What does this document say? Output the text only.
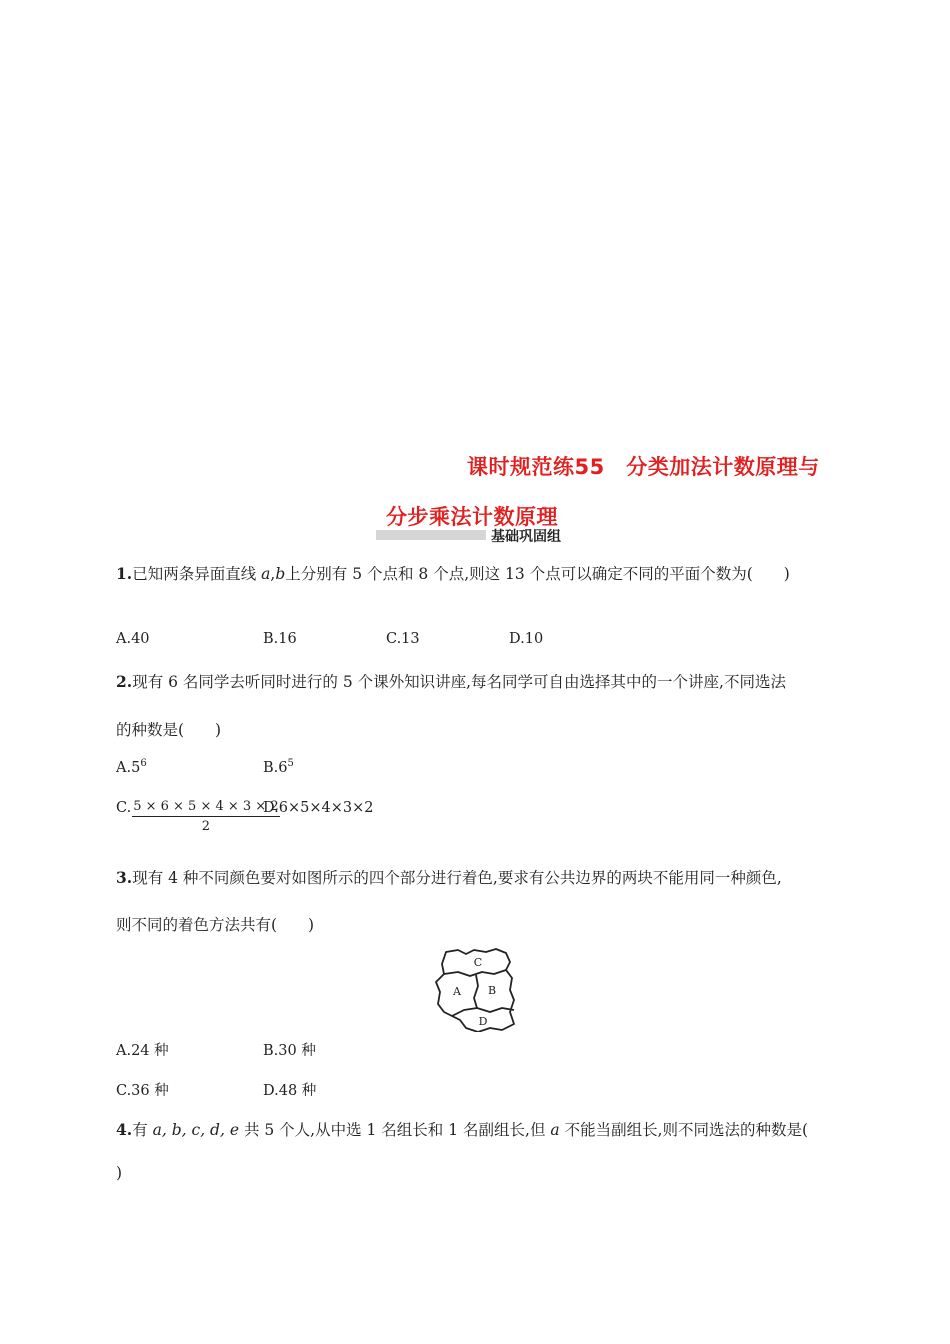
课时规范练55　分类加法计数原理与
分步乘法计数原理
基础巩固组
1.已知两条异面直线 a,b上分别有 5 个点和 8 个点,则这 13 个点可以确定不同的平面个数为(　　)
A.40	B.16	C.13	D.10
2.现有 6 名同学去听同时进行的 5 个课外知识讲座,每名同学可自由选择其中的一个讲座,不同选法
的种数是(　　)
$A.5^6$	$B.6^5$
C. $\frac{5 \times 6 \times 5 \times 4 \times 3 \times 2}{2}$
D.6×5×4×3×2
3.现有 4 种不同颜色要对如图所示的四个部分进行着色,要求有公共边界的两块不能用同一种颜色,
则不同的着色方法共有(　　)
C
A B
D
A.24 种	B.30 种
C.36 种	D.48 种
4.有 a, b, c, d, e 共 5 个人,从中选 1 名组长和 1 名副组长,但 a 不能当副组长,则不同选法的种数是(
)
